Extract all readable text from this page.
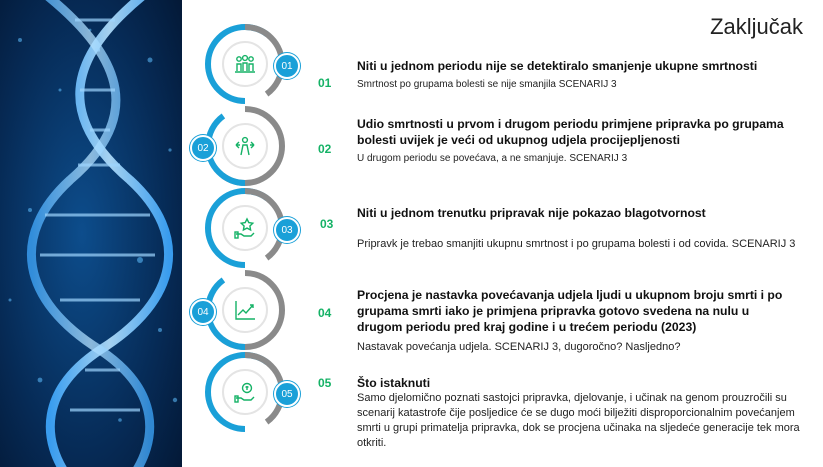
Zaključak
01
02
03
04
05
01
02
03
04
05
Niti u jednom periodu nije se detektiralo smanjenje ukupne smrtnosti
Smrtnost po grupama bolesti se nije smanjila SCENARIJ 3
Udio smrtnosti u prvom i drugom periodu primjene pripravka po grupama bolesti uvijek je veći od ukupnog udjela procijepljenosti
U drugom periodu se povećava, a ne smanjuje. SCENARIJ 3
Niti u jednom trenutku pripravak nije pokazao blagotvornost
Pripravk je trebao smanjiti ukupnu smrtnost i po grupama bolesti i od covida. SCENARIJ 3
Procjena je nastavka povećavanja udjela ljudi u ukupnom broju smrti i po grupama smrti iako je primjena pripravka gotovo svedena na nulu u drugom periodu pred kraj godine i u trećem periodu (2023)
Nastavak povećanja udjela. SCENARIJ 3, dugoročno? Nasljedno?
Što istaknuti
Samo djelomično poznati sastojci pripravka, djelovanje, i učinak na genom prouzročili su scenarij katastrofe čije posljedice će se dugo moći bilježiti disproporcionalnim povećanjem smrti u grupi primatelja pripravka, dok se procjena učinaka na sljedeće generacije tek mora otkriti.
